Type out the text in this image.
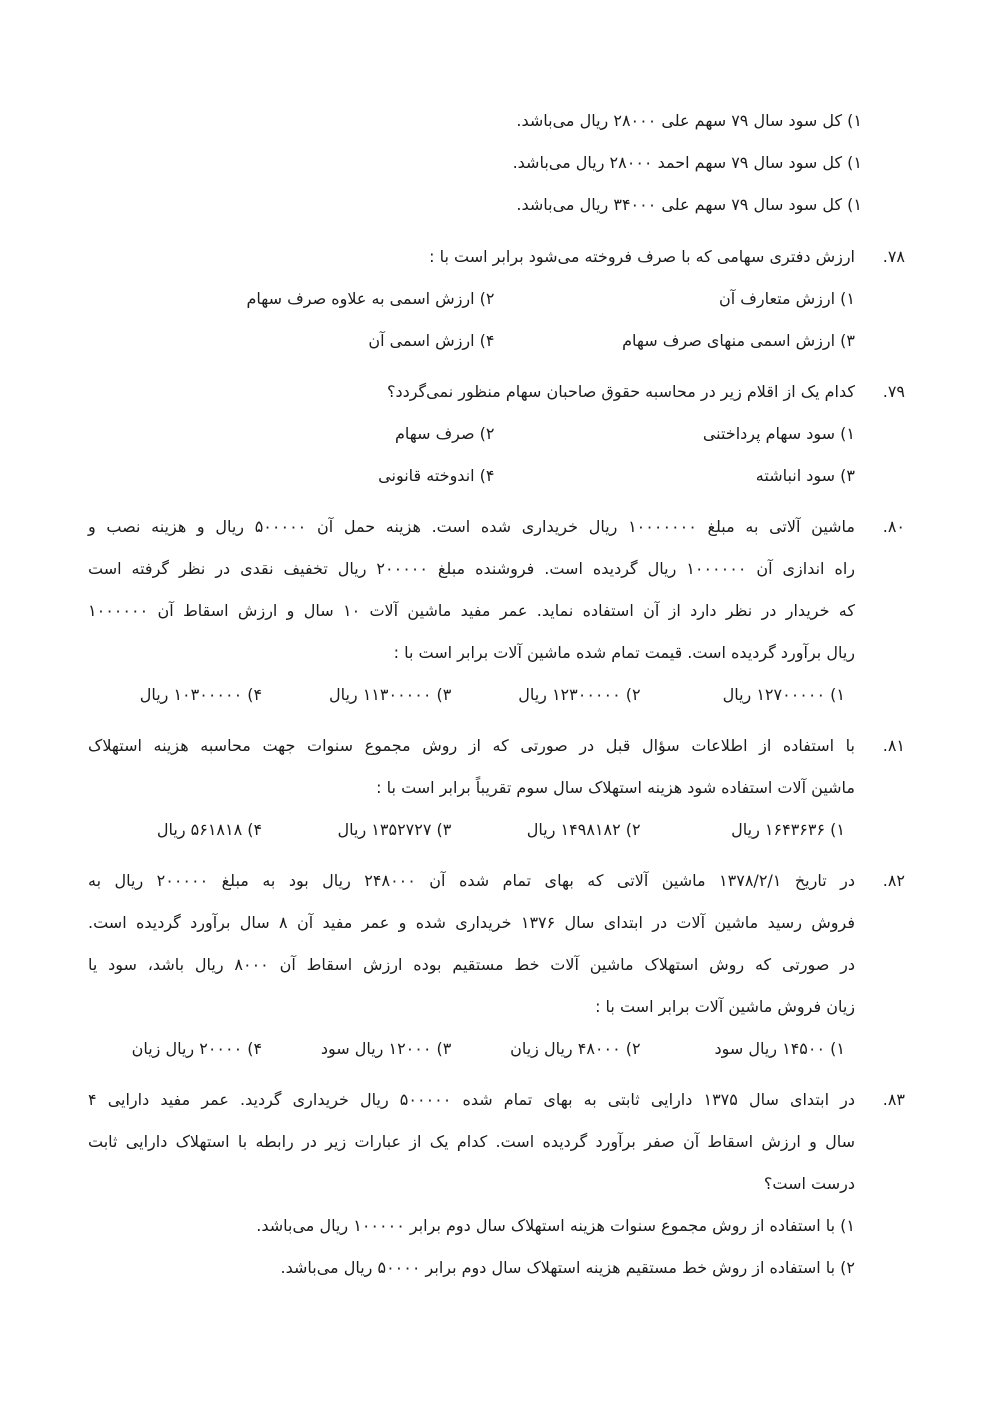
۱) کل سود سال ۷۹ سهم علی ۲۸۰۰۰ ریال می‌باشد.
۱) کل سود سال ۷۹ سهم احمد ۲۸۰۰۰ ریال می‌باشد.
۱) کل سود سال ۷۹ سهم علی ۳۴۰۰۰ ریال می‌باشد.
۷۸.
ارزش دفتری سهامی که با صرف فروخته می‌شود برابر است با :
۱) ارزش متعارف آن
۲) ارزش اسمی به علاوه صرف سهام
۳) ارزش اسمی منهای صرف سهام
۴) ارزش اسمی آن
۷۹.
کدام یک از اقلام زیر در محاسبه حقوق صاحبان سهام منظور نمی‌گردد؟
۱) سود سهام پرداختنی
۲) صرف سهام
۳) سود انباشته
۴) اندوخته قانونی
۸۰.
ماشین آلاتی به مبلغ ۱۰۰۰۰۰۰۰ ریال خریداری شده است. هزینه حمل آن ۵۰۰۰۰۰ ریال و هزینه نصب و
راه اندازی آن ۱۰۰۰۰۰۰ ریال گردیده است. فروشنده مبلغ ۲۰۰۰۰۰ ریال تخفیف نقدی در نظر گرفته است
که خریدار در نظر دارد از آن استفاده نماید. عمر مفید ماشین آلات ۱۰ سال و ارزش اسقاط آن ۱۰۰۰۰۰۰
ریال برآورد گردیده است. قیمت تمام شده ماشین آلات برابر است با :
۱) ۱۲۷۰۰۰۰۰ ریال
۲) ۱۲۳۰۰۰۰۰ ریال
۳) ۱۱۳۰۰۰۰۰ ریال
۴) ۱۰۳۰۰۰۰۰ ریال
۸۱.
با استفاده از اطلاعات سؤال قبل در صورتی که از روش مجموع سنوات جهت محاسبه هزینه استهلاک
ماشین آلات استفاده شود هزینه استهلاک سال سوم تقریباً برابر است با :
۱) ۱۶۴۳۶۳۶ ریال
۲) ۱۴۹۸۱۸۲ ریال
۳) ۱۳۵۲۷۲۷ ریال
۴) ۵۶۱۸۱۸ ریال
۸۲.
در تاریخ ۱۳۷۸/۲/۱ ماشین آلاتی که بهای تمام شده آن ۲۴۸۰۰۰ ریال بود به مبلغ ۲۰۰۰۰۰ ریال به
فروش رسید ماشین آلات در ابتدای سال ۱۳۷۶ خریداری شده و عمر مفید آن ۸ سال برآورد گردیده است.
در صورتی که روش استهلاک ماشین آلات خط مستقیم بوده ارزش اسقاط آن ۸۰۰۰ ریال باشد، سود یا
زیان فروش ماشین آلات برابر است با :
۱) ۱۴۵۰۰ ریال سود
۲) ۴۸۰۰۰ ریال زیان
۳) ۱۲۰۰۰ ریال سود
۴) ۲۰۰۰۰ ریال زیان
۸۳.
در ابتدای سال ۱۳۷۵ دارایی ثابتی به بهای تمام شده ۵۰۰۰۰۰ ریال خریداری گردید. عمر مفید دارایی ۴
سال و ارزش اسقاط آن صفر برآورد گردیده است. کدام یک از عبارات زیر در رابطه با استهلاک دارایی ثابت
درست است؟
۱) با استفاده از روش مجموع سنوات هزینه استهلاک سال دوم برابر ۱۰۰۰۰۰ ریال می‌باشد.
۲) با استفاده از روش خط مستقیم هزینه استهلاک سال دوم برابر ۵۰۰۰۰ ریال می‌باشد.
